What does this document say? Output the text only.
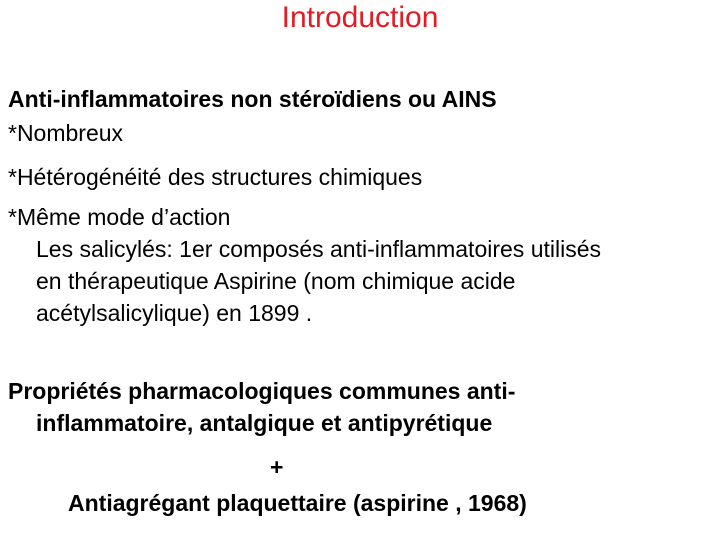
Introduction
Anti-inflammatoires non stéroïdiens ou AINS
*Nombreux
*Hétérogénéité des structures chimiques
*Même mode d’action
Les salicylés: 1er composés anti-inflammatoires utilisés
en thérapeutique Aspirine (nom chimique acide
acétylsalicylique) en 1899 .
Propriétés pharmacologiques communes anti-
inflammatoire, antalgique et antipyrétique
+
Antiagrégant plaquettaire (aspirine , 1968)
